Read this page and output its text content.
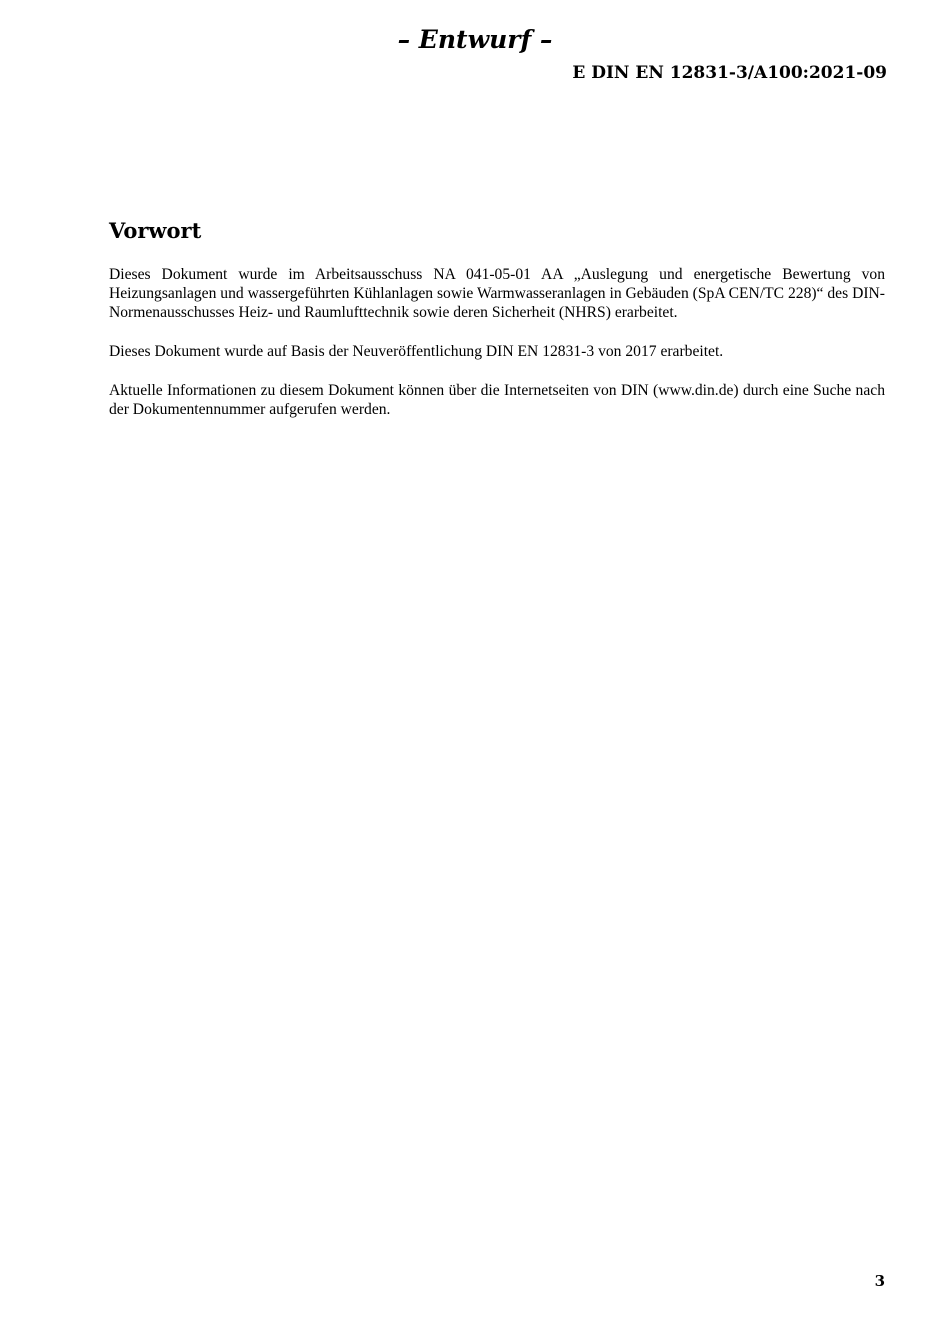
– Entwurf –

E DIN EN 12831-3/A100:2021-09

Vorwort

Dieses Dokument wurde im Arbeitsausschuss NA 041-05-01 AA „Auslegung und energetische Bewertung von Heizungsanlagen und wassergeführten Kühlanlagen sowie Warmwasseranlagen in Gebäuden (SpA CEN/TC 228)“ des DIN-Normenausschusses Heiz- und Raumlufttechnik sowie deren Sicherheit (NHRS) erarbeitet.

Dieses Dokument wurde auf Basis der Neuveröffentlichung DIN EN 12831-3 von 2017 erarbeitet.

Aktuelle Informationen zu diesem Dokument können über die Internetseiten von DIN (www.din.de) durch eine Suche nach der Dokumentennummer aufgerufen werden.

3
